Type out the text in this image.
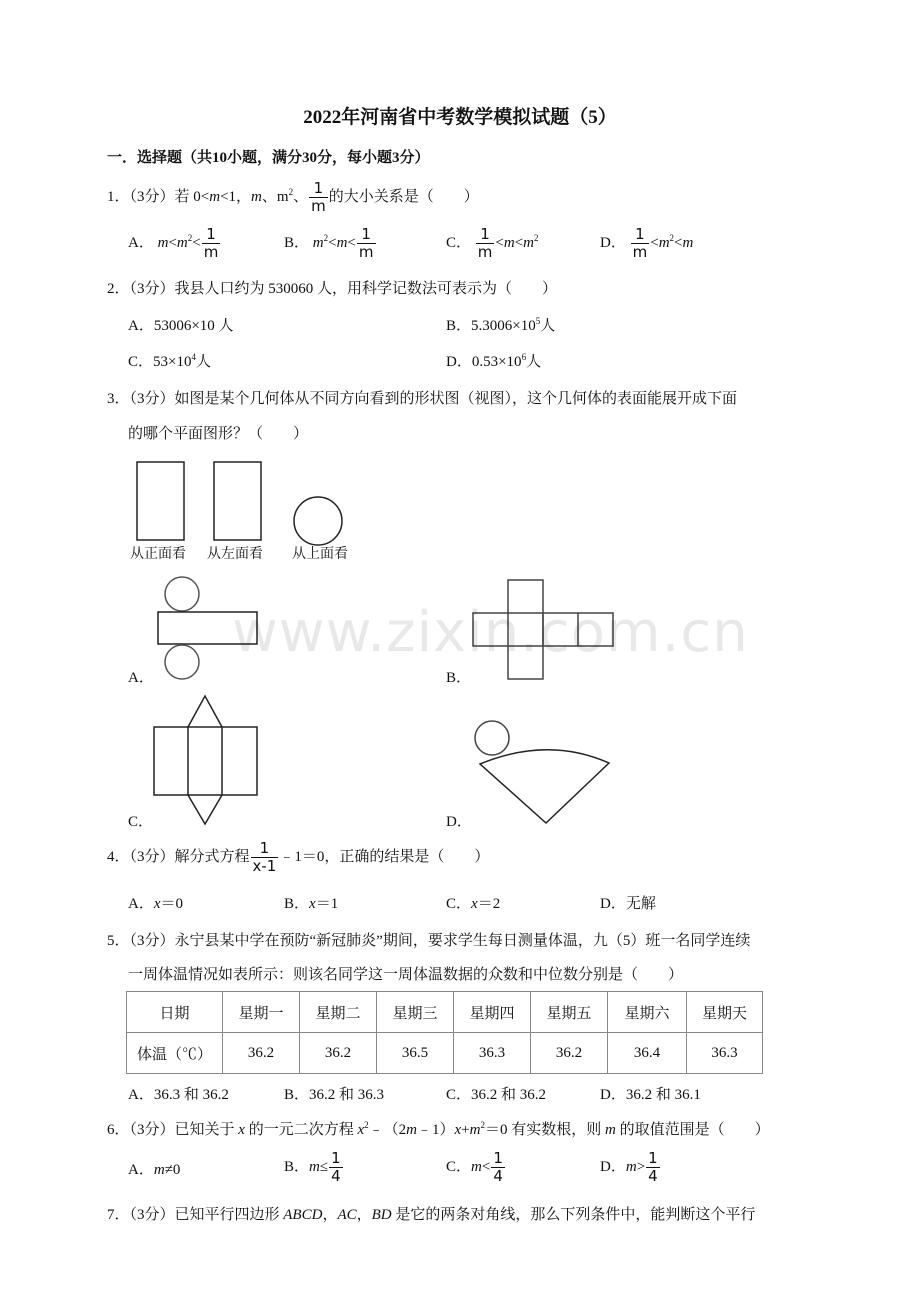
2022年河南省中考数学模拟试题（5）
一．选择题（共10小题，满分30分，每小题3分）
1．（3分）若 0<m<1，m、$m^2$、 $\frac{1}{m}$ 的大小关系是（　　）
A． $m<m^2< \frac{1}{m}$	B． $m^2<m< \frac{1}{m}$	C． $\frac{1}{m} <m<m^2$	D． $\frac{1}{m} <m^2<m$
2．（3分）我县人口约为 530060 人，用科学记数法可表示为（　　）
A．53006×10 人	B．$5.3006\times 10^5$人
C．$53\times 10^4$人	D．$0.53\times 10^6$人
3．（3分）如图是某个几何体从不同方向看到的形状图（视图），这个几何体的表面能展开成下面
的哪个平面图形？（　　）
从正面看 从左面看 从上面看
A．	B．
C．	D．
4．（3分）解分式方程 $\frac{1}{x-1}$ ﹣1＝0，正确的结果是（　　）
A．x＝0	B．x＝1	C．x＝2	D．无解
5．（3分）永宁县某中学在预防“新冠肺炎”期间，要求学生每日测量体温，九（5）班一名同学连续
一周体温情况如表所示：则该名同学这一周体温数据的众数和中位数分别是（　　）
日期	星期一	星期二	星期三	星期四	星期五	星期六	星期天
体温（℃）	36.2	36.2	36.5	36.3	36.2	36.4	36.3
A．36.3 和 36.2	B．36.2 和 36.3	C．36.2 和 36.2	D．36.2 和 36.1
6．（3分）已知关于 x 的一元二次方程 $x^2﹣(2m﹣1)x+m^2=0$ 有实数根，则 m 的取值范围是（　　）
A．m≠0	B．$m\le \frac{1}{4}$	C．$m< \frac{1}{4}$	D．$m> \frac{1}{4}$
7．（3分）已知平行四边形 ABCD，AC，BD 是它的两条对角线，那么下列条件中，能判断这个平行
www.zixin.com.cn
